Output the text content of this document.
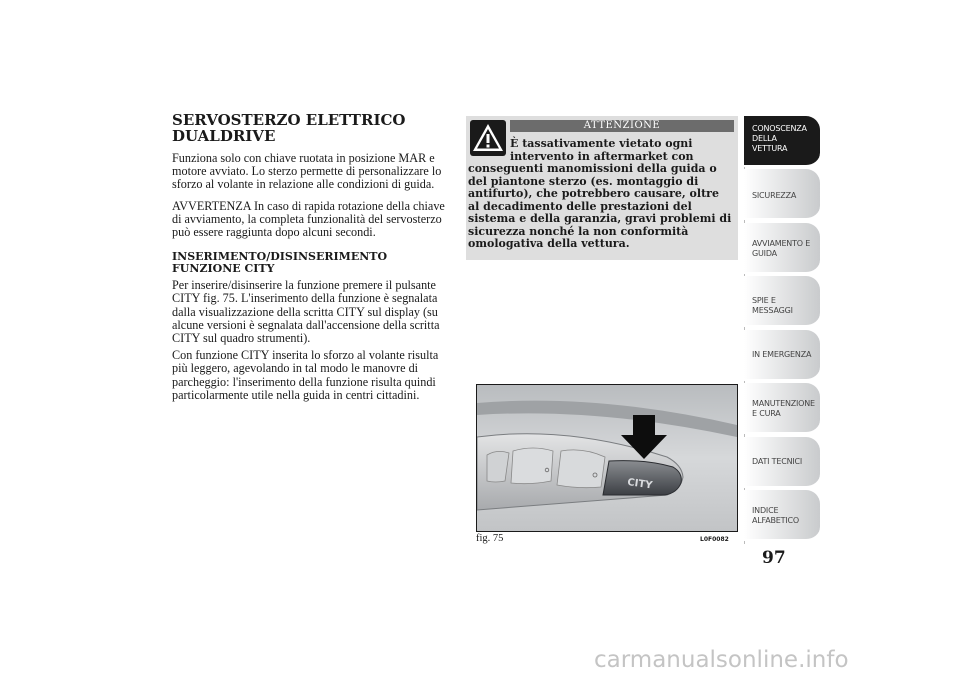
SERVOSTERZO ELETTRICO DUALDRIVE

Funziona solo con chiave ruotata in posizione MAR e motore avviato. Lo sterzo permette di personalizzare lo sforzo al volante in relazione alle condizioni di guida.

AVVERTENZA In caso di rapida rotazione della chiave di avviamento, la completa funzionalità del servosterzo può essere raggiunta dopo alcuni secondi.

INSERIMENTO/DISINSERIMENTO FUNZIONE CITY

Per inserire/disinserire la funzione premere il pulsante CITY fig. 75. L'inserimento della funzione è segnalata dalla visualizzazione della scritta CITY sul display (su alcune versioni è segnalata dall'accensione della scritta CITY sul quadro strumenti).

Con funzione CITY inserita lo sforzo al volante risulta più leggero, agevolando in tal modo le manovre di parcheggio: l'inserimento della funzione risulta quindi particolarmente utile nella guida in centri cittadini.

ATTENZIONE
È tassativamente vietato ogni intervento in aftermarket con
conseguenti manomissioni della guida o del piantone sterzo (es. montaggio di antifurto), che potrebbero causare, oltre al decadimento delle prestazioni del sistema e della garanzia, gravi problemi di sicurezza nonché la non conformità omologativa della vettura.
CITY
fig. 75	L0F0082
CONOSCENZA DELLA VETTURA
SICUREZZA
AVVIAMENTO E GUIDA
SPIE E MESSAGGI
IN EMERGENZA
MANUTENZIONE E CURA
DATI TECNICI
INDICE ALFABETICO
97
carmanualsonline.info
